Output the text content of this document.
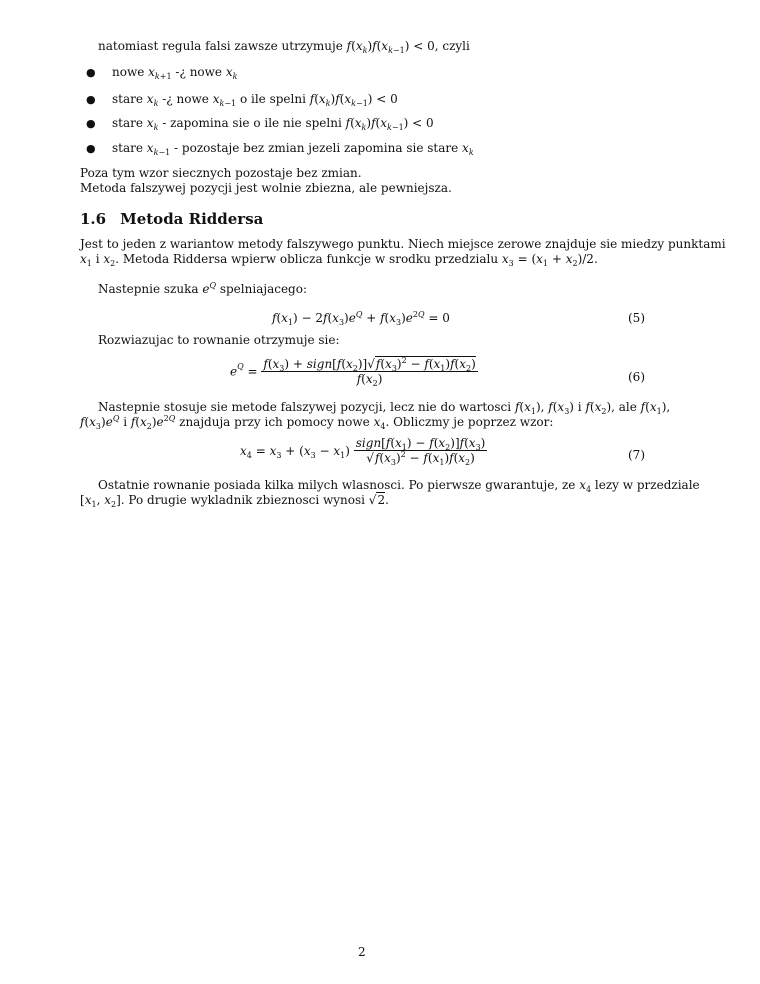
natomiast regula falsi zawsze utrzymuje $f(x_k)f(x_{k-1}) < 0$, czyli
● nowe $x_{k+1}$ -¿ nowe $x_k$
● stare $x_k$ -¿ nowe $x_{k-1}$ o ile spelni $f(x_k)f(x_{k-1}) < 0$
● stare $x_k$ - zapomina sie o ile nie spelni $f(x_k)f(x_{k-1}) < 0$
● stare $x_{k-1}$ - pozostaje bez zmian jezeli zapomina sie stare $x_k$
Poza tym wzor siecznych pozostaje bez zmian.
Metoda falszywej pozycji jest wolnie zbiezna, ale pewniejsza.
1.6 Metoda Riddersa
Jest to jeden z wariantow metody falszywego punktu. Niech miejsce zerowe znajduje sie miedzy punktami
$x_1$ i $x_2$. Metoda Riddersa wpierw oblicza funkcje w srodku przedzialu $x_3 = (x_1 + x_2)/2$.
Nastepnie szuka $e^Q$ spelniajacego:
$f(x_1) - 2f(x_3)e^Q + f(x_3)e^{2Q} = 0$	(5)
Rozwiazujac to rownanie otrzymuje sie:
$e^Q = \frac{f(x_3) + sign[f(x_2)]√f(x_3)^2 - f(x_1)f(x_2)}{f(x_2)}$	(6)
Nastepnie stosuje sie metode falszywej pozycji, lecz nie do wartosci $f(x_1)$, $f(x_3)$ i $f(x_2)$, ale $f(x_1)$,
$f(x_3)e^Q$ i $f(x_2)e^{2Q}$ znajduja przy ich pomocy nowe $x_4$. Obliczmy je poprzez wzor:
$x_4 = x_3 + (x_3 - x_1) \frac{sign[f(x_1) - f(x_2)]f(x_3)}{√f(x_3)^2 - f(x_1)f(x_2)}$	(7)
Ostatnie rownanie posiada kilka milych wlasnosci. Po pierwsze gwarantuje, ze $x_4$ lezy w przedziale
[$x_1$, $x_2$]. Po drugie wykladnik zbieznosci wynosi √2.
2
